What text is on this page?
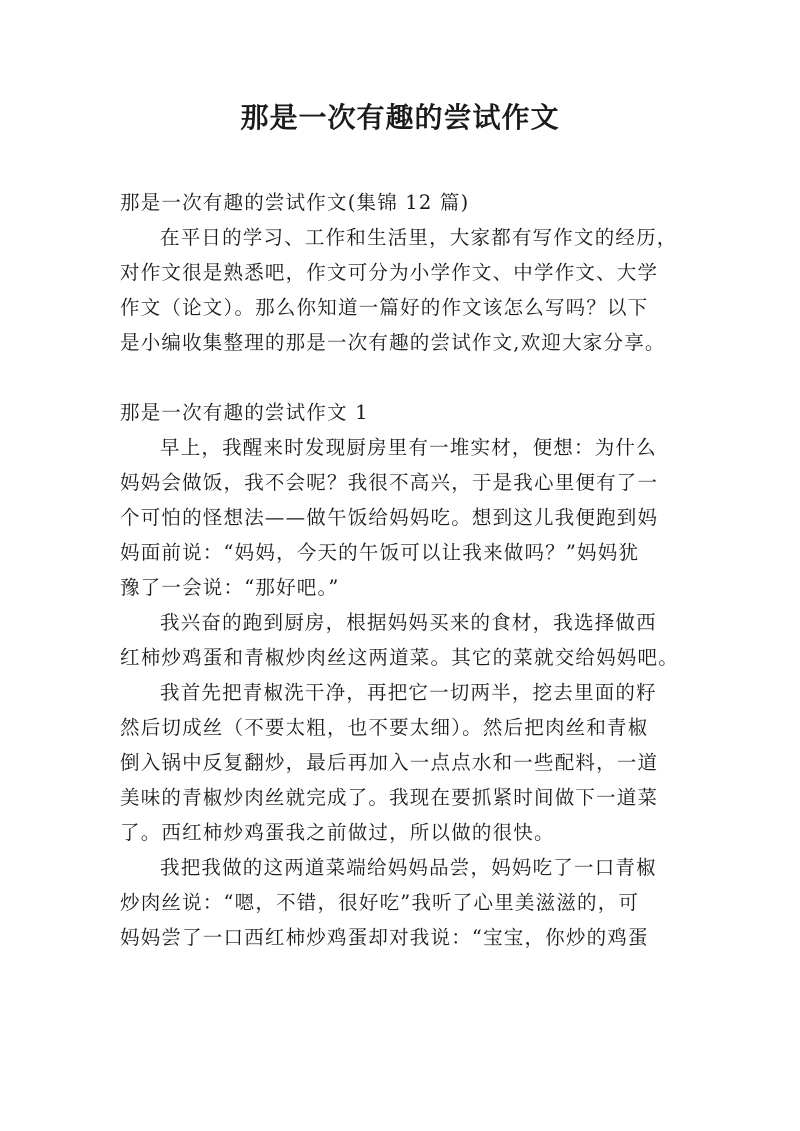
那是一次有趣的尝试作文
那是一次有趣的尝试作文(集锦 12 篇)
在平日的学习、工作和生活里，大家都有写作文的经历，
对作文很是熟悉吧，作文可分为小学作文、中学作文、大学
作文（论文）。那么你知道一篇好的作文该怎么写吗？以下
是小编收集整理的那是一次有趣的尝试作文,欢迎大家分享。
那是一次有趣的尝试作文 1
早上，我醒来时发现厨房里有一堆实材，便想：为什么
妈妈会做饭，我不会呢？我很不高兴，于是我心里便有了一
个可怕的怪想法——做午饭给妈妈吃。想到这儿我便跑到妈
妈面前说：“妈妈，今天的午饭可以让我来做吗？”妈妈犹
豫了一会说：“那好吧。”
我兴奋的跑到厨房，根据妈妈买来的食材，我选择做西
红柿炒鸡蛋和青椒炒肉丝这两道菜。其它的菜就交给妈妈吧。
我首先把青椒洗干净，再把它一切两半，挖去里面的籽
然后切成丝（不要太粗，也不要太细）。然后把肉丝和青椒
倒入锅中反复翻炒，最后再加入一点点水和一些配料，一道
美味的青椒炒肉丝就完成了。我现在要抓紧时间做下一道菜
了。西红柿炒鸡蛋我之前做过，所以做的很快。
我把我做的这两道菜端给妈妈品尝，妈妈吃了一口青椒
炒肉丝说：“嗯，不错，很好吃”我听了心里美滋滋的，可
妈妈尝了一口西红柿炒鸡蛋却对我说：“宝宝，你炒的鸡蛋
